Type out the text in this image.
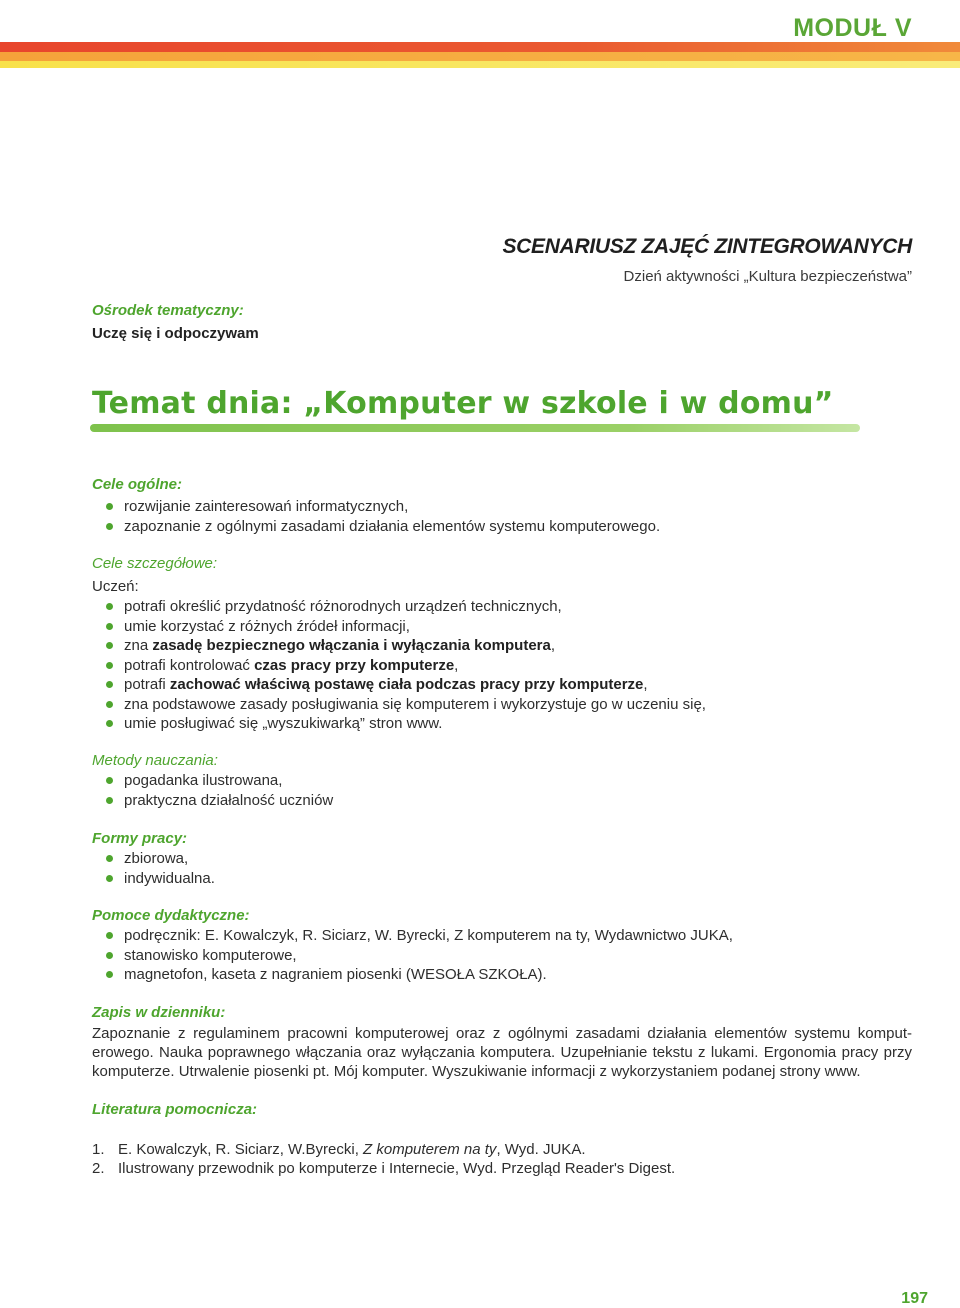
MODUŁ V
SCENARIUSZ ZAJĘĆ ZINTEGROWANYCH
Dzień aktywności „Kultura bezpieczeństwa”
Ośrodek tematyczny:
Uczę się i odpoczywam
Temat dnia: „Komputer w szkole i w domu”
Cele ogólne:
rozwijanie zainteresowań informatycznych,
zapoznanie z ogólnymi zasadami działania elementów systemu komputerowego.
Cele szczegółowe:
Uczeń:
potrafi określić przydatność różnorodnych urządzeń technicznych,
umie korzystać z różnych źródeł informacji,
zna zasadę bezpiecznego włączania i wyłączania komputera,
potrafi kontrolować czas pracy przy komputerze,
potrafi zachować właściwą postawę ciała podczas pracy przy komputerze,
zna podstawowe zasady posługiwania się komputerem i wykorzystuje go w uczeniu się,
umie posługiwać się „wyszukiwarką” stron www.
Metody nauczania:
pogadanka ilustrowana,
praktyczna działalność uczniów
Formy pracy:
zbiorowa,
indywidualna.
Pomoce dydaktyczne:
podręcznik: E. Kowalczyk, R. Siciarz, W. Byrecki, Z komputerem na ty, Wydawnictwo JUKA,
stanowisko komputerowe,
magnetofon, kaseta z nagraniem piosenki (WESOŁA SZKOŁA).
Zapis w dzienniku:
Zapoznanie z regulaminem pracowni komputerowej oraz z ogólnymi zasadami działania elementów systemu komput-erowego. Nauka poprawnego włączania oraz wyłączania komputera. Uzupełnianie tekstu z lukami. Ergonomia pracy przy komputerze. Utrwalenie piosenki pt. Mój komputer. Wyszukiwanie informacji z wykorzystaniem podanej strony www.
Literatura pomocnicza:
1. E. Kowalczyk, R. Siciarz, W.Byrecki, Z komputerem na ty, Wyd. JUKA.
2. Ilustrowany przewodnik po komputerze i Internecie, Wyd. Przegląd Reader's Digest.
197
